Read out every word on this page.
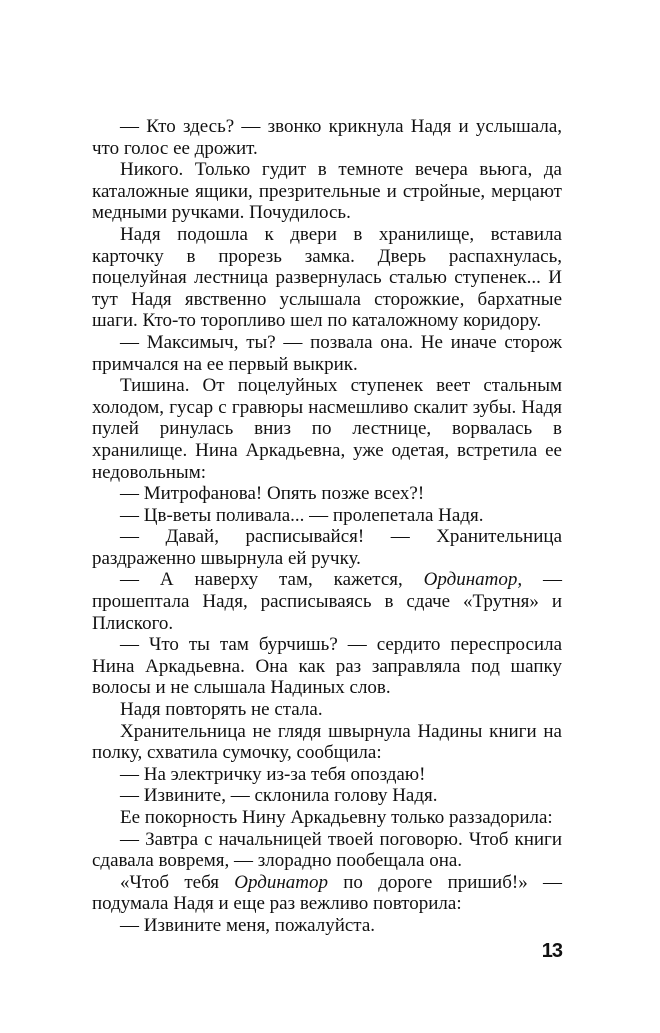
— Кто здесь? — звонко крикнула Надя и услышала, что голос ее дрожит.

Никого. Только гудит в темноте вечера вьюга, да каталожные ящики, презрительные и стройные, мерцают медными ручками. Почудилось.

Надя подошла к двери в хранилище, вставила карточку в прорезь замка. Дверь распахнулась, поцелуйная лестница развернулась сталью ступенек... И тут Надя явственно услышала сторожкие, бархатные шаги. Кто-то торопливо шел по каталожному коридору.

— Максимыч, ты? — позвала она. Не иначе сторож примчался на ее первый выкрик.

Тишина. От поцелуйных ступенек веет стальным холодом, гусар с гравюры насмешливо скалит зубы. Надя пулей ринулась вниз по лестнице, ворвалась в хранилище. Нина Аркадьевна, уже одетая, встретила ее недовольным:

— Митрофанова! Опять позже всех?!

— Цв-веты поливала... — пролепетала Надя.

— Давай, расписывайся! — Хранительница раздраженно швырнула ей ручку.

— А наверху там, кажется, Ординатор, — прошептала Надя, расписываясь в сдаче «Трутня» и Плиского.

— Что ты там бурчишь? — сердито переспросила Нина Аркадьевна. Она как раз заправляла под шапку волосы и не слышала Надиных слов.

Надя повторять не стала.

Хранительница не глядя швырнула Надины книги на полку, схватила сумочку, сообщила:

— На электричку из-за тебя опоздаю!

— Извините, — склонила голову Надя.

Ее покорность Нину Аркадьевну только раззадорила:

— Завтра с начальницей твоей поговорю. Чтоб книги сдавала вовремя, — злорадно пообещала она.

«Чтоб тебя Ординатор по дороге пришиб!» — подумала Надя и еще раз вежливо повторила:

— Извините меня, пожалуйста.

13
